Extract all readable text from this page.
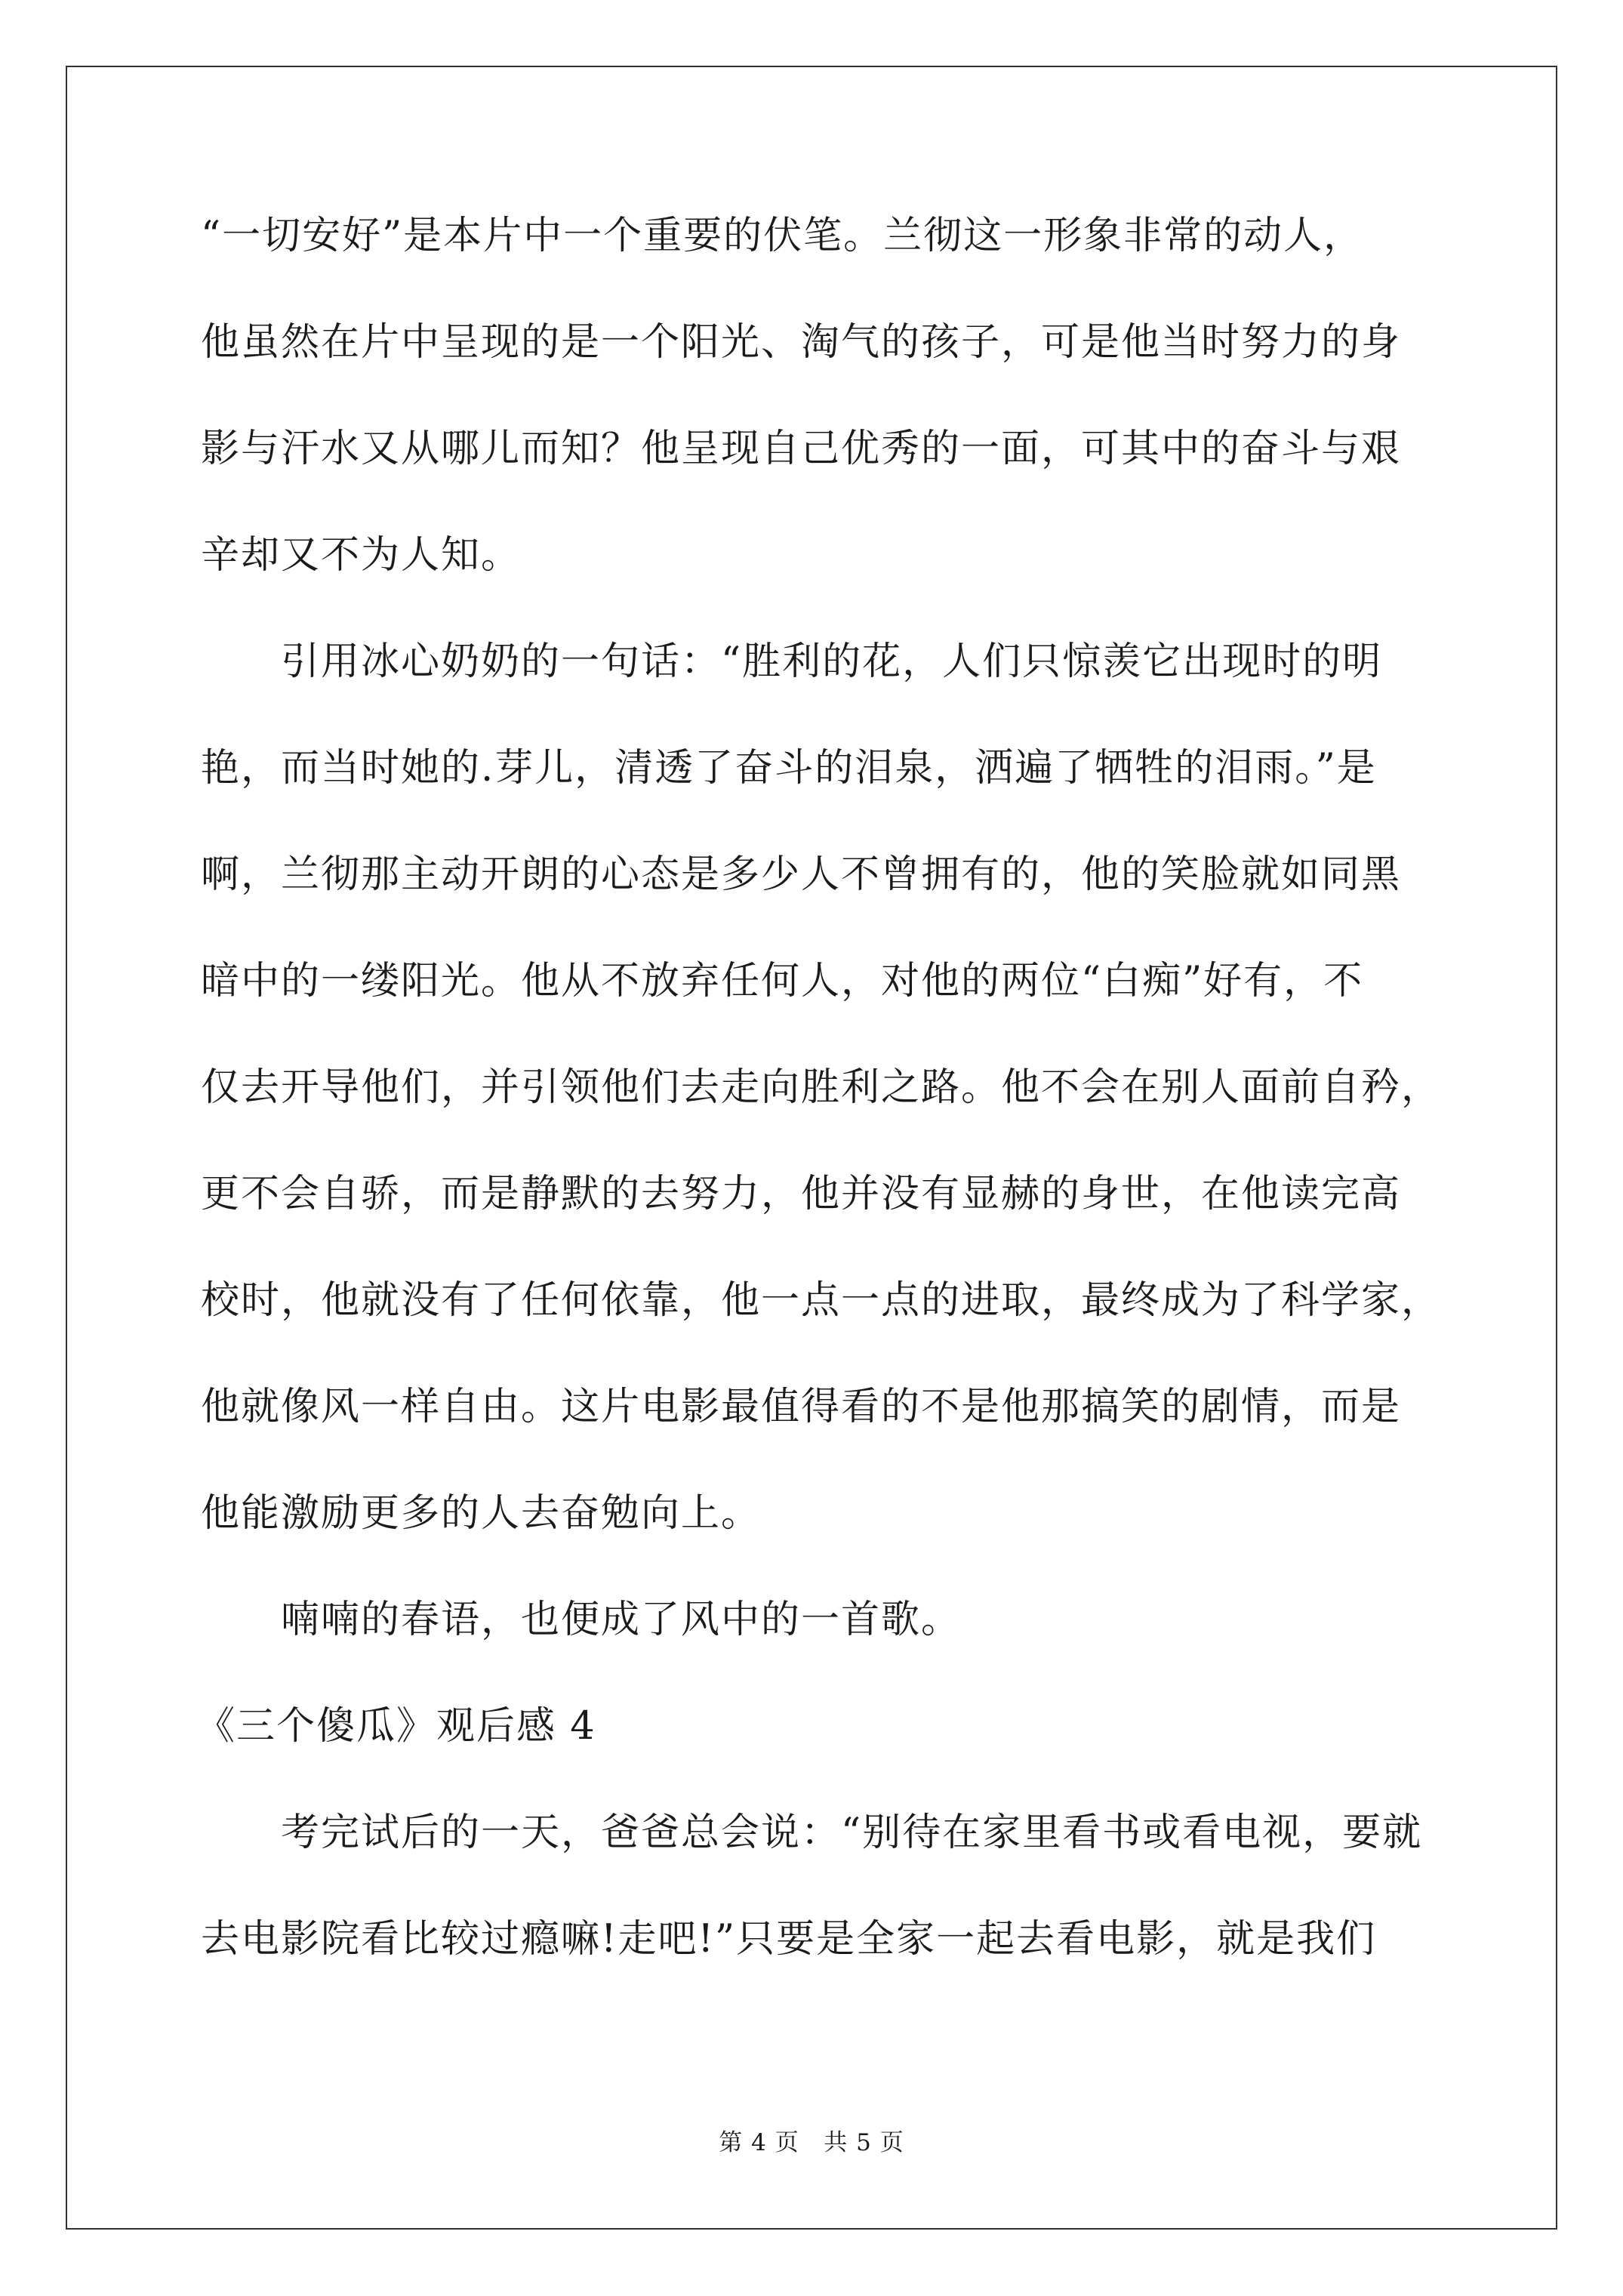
“一切安好”是本片中一个重要的伏笔。兰彻这一形象非常的动人，
他虽然在片中呈现的是一个阳光、淘气的孩子，可是他当时努力的身
影与汗水又从哪儿而知？他呈现自己优秀的一面，可其中的奋斗与艰
辛却又不为人知。
　　引用冰心奶奶的一句话：“胜利的花，人们只惊羡它出现时的明
艳，而当时她的.芽儿，清透了奋斗的泪泉，洒遍了牺牲的泪雨。”是
啊，兰彻那主动开朗的心态是多少人不曾拥有的，他的笑脸就如同黑
暗中的一缕阳光。他从不放弃任何人，对他的两位“白痴”好有，不
仅去开导他们，并引领他们去走向胜利之路。他不会在别人面前自矜，
更不会自骄，而是静默的去努力，他并没有显赫的身世，在他读完高
校时，他就没有了任何依靠，他一点一点的进取，最终成为了科学家，
他就像风一样自由。这片电影最值得看的不是他那搞笑的剧情，而是
他能激励更多的人去奋勉向上。
　　喃喃的春语，也便成了风中的一首歌。
《三个傻瓜》观后感 4
　　考完试后的一天，爸爸总会说：“别待在家里看书或看电视，要就
去电影院看比较过瘾嘛!走吧!”只要是全家一起去看电影，就是我们
第 4 页 共 5 页
